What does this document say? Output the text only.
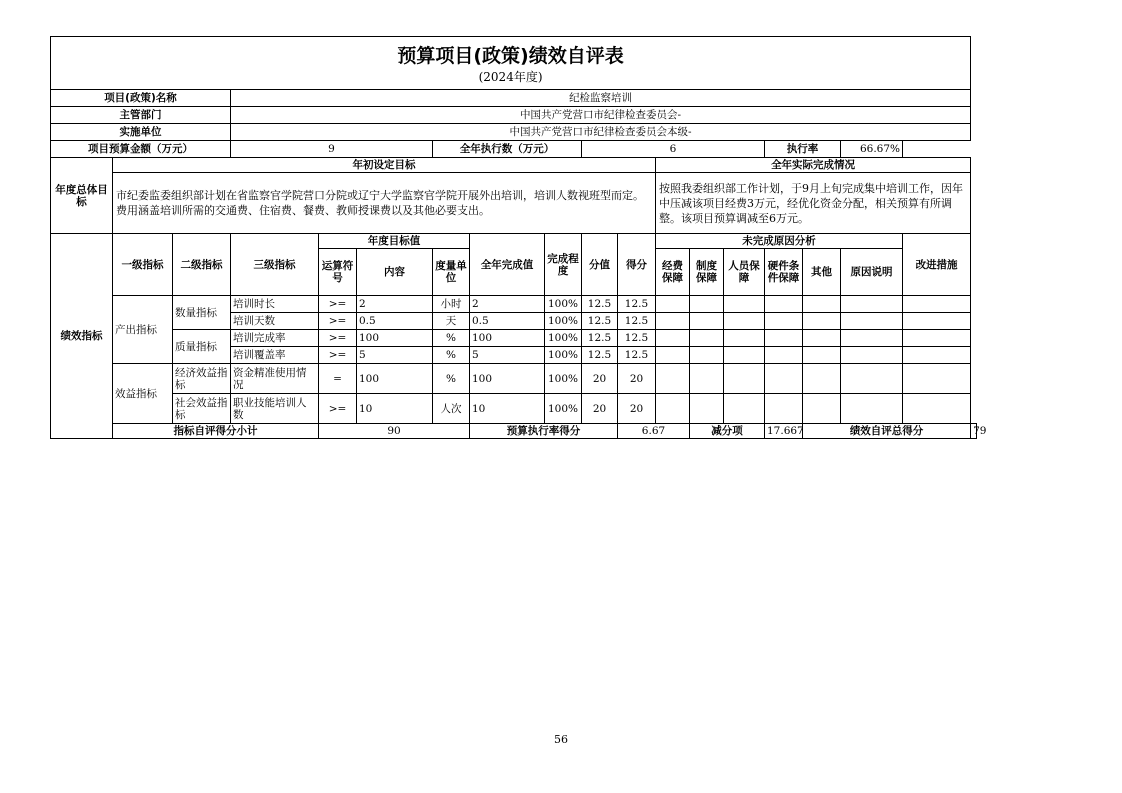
预算项目(政策)绩效自评表
(2024年度)																		

项目(政策)名称			纪检监察培训															
主管部门			中国共产党营口市纪律检查委员会-															
实施单位			中国共产党营口市纪律检查委员会本级-															
项目预算金额（万元）			9			全年执行数（万元）			6					执行率		66.67%		
年度总体目标	年初设定目标										全年实际完成情况							
	市纪委监委组织部计划在省监察官学院营口分院或辽宁大学监察官学院开展外出培训，培训人数视班型而定。费用涵盖培训所需的交通费、住宿费、餐费、教师授课费以及其他必要支出。										按照我委组织部工作计划，于9月上旬完成集中培训工作，因年中压减该项目经费3万元，经优化资金分配，相关预算有所调整。该项目预算调减至6万元。							
绩效指标	一级指标	二级指标	三级指标	年度目标值			全年完成值	完成程度	分值	得分	未完成原因分析						改进措施	
				运算符号	内容	度量单位					经费保障	制度保障	人员保障	硬件条件保障	其他	原因说明		
	产出指标	数量指标	培训时长	>=	2	小时	2	100%	12.5	12.5								
			培训天数	>=	0.5	天	0.5	100%	12.5	12.5								
		质量指标	培训完成率	>=	100	%	100	100%	12.5	12.5								
			培训覆盖率	>=	5	%	5	100%	12.5	12.5								
	效益指标	经济效益指标	资金精准使用情况	=	100	%	100	100%	20	20								
		社会效益指标	职业技能培训人数	>=	10	人次	10	100%	20	20								
	指标自评得分小计			90			预算执行率得分			6.67		减分项		17.667	绩效自评总得分			79
56
